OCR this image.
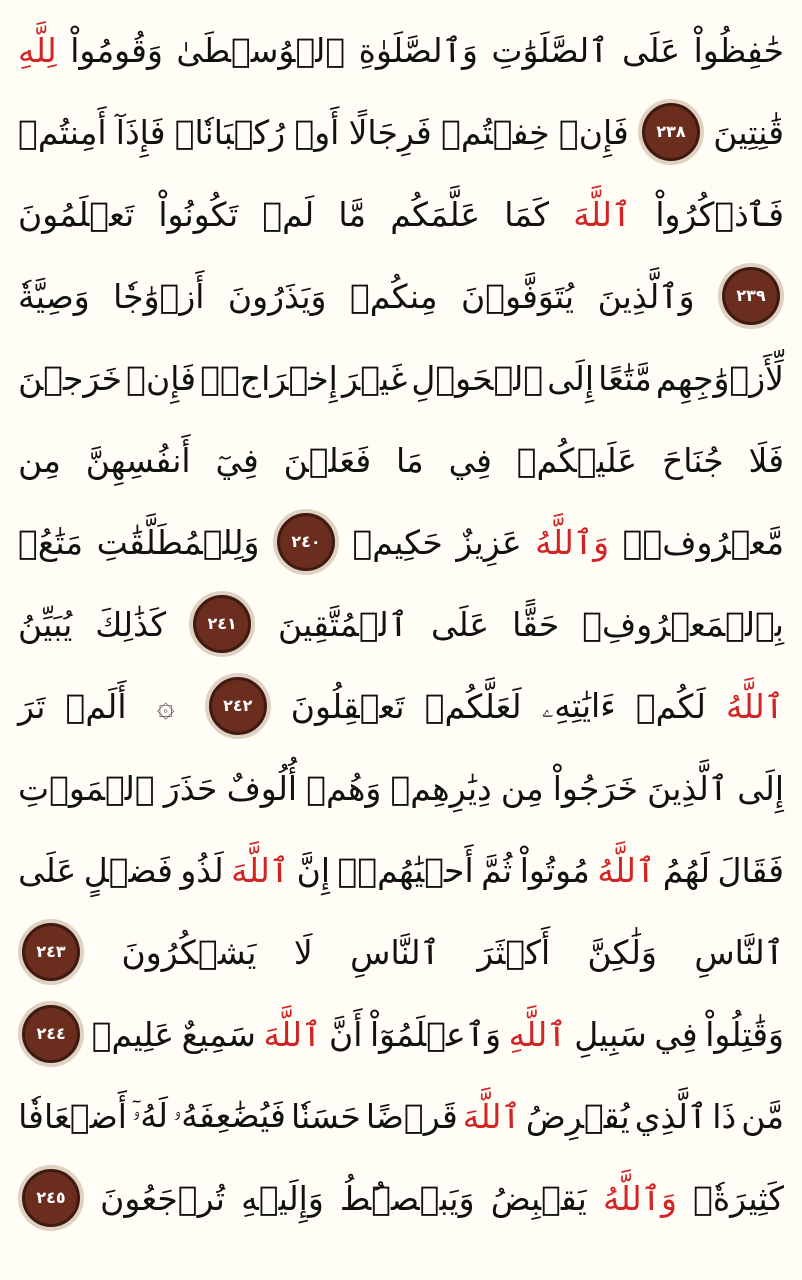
حَٰفِظُواْ
عَلَى
ٱلصَّلَوَٰتِ
وَٱلصَّلَوٰةِ
ٱلۡوُسۡطَىٰ
وَقُومُواْ
لِلَّهِ
قَٰنِتِينَ
٢٣٨
فَإِنۡ
خِفۡتُمۡ
فَرِجَالًا
أَوۡ
رُكۡبَانٗاۖ
فَإِذَآ
أَمِنتُمۡ
فَٱذۡكُرُواْ
ٱللَّهَ
كَمَا
عَلَّمَكُم
مَّا
لَمۡ
تَكُونُواْ
تَعۡلَمُونَ
٢٣٩
وَٱلَّذِينَ
يُتَوَفَّوۡنَ
مِنكُمۡ
وَيَذَرُونَ
أَزۡوَٰجٗا
وَصِيَّةٗ
لِّأَزۡوَٰجِهِم
مَّتَٰعًا
إِلَى
ٱلۡحَوۡلِ
غَيۡرَ
إِخۡرَاجٖۚ
فَإِنۡ
خَرَجۡنَ
فَلَا
جُنَاحَ
عَلَيۡكُمۡ
فِي
مَا
فَعَلۡنَ
فِيٓ
أَنفُسِهِنَّ
مِن
مَّعۡرُوفٖۗ
وَٱللَّهُ
عَزِيزٌ
حَكِيمٞ
٢٤٠
وَلِلۡمُطَلَّقَٰتِ
مَتَٰعُۢ
بِٱلۡمَعۡرُوفِۖ
حَقًّا
عَلَى
ٱلۡمُتَّقِينَ
٢٤١
كَذَٰلِكَ
يُبَيِّنُ
ٱللَّهُ
لَكُمۡ
ءَايَٰتِهِۦ
لَعَلَّكُمۡ
تَعۡقِلُونَ
٢٤٢
۞
أَلَمۡ
تَرَ
إِلَى
ٱلَّذِينَ
خَرَجُواْ
مِن
دِيَٰرِهِمۡ
وَهُمۡ
أُلُوفٌ
حَذَرَ
ٱلۡمَوۡتِ
فَقَالَ
لَهُمُ
ٱللَّهُ
مُوتُواْ
ثُمَّ
أَحۡيَٰهُمۡۚ
إِنَّ
ٱللَّهَ
لَذُو
فَضۡلٍ
عَلَى
ٱلنَّاسِ
وَلَٰكِنَّ
أَكۡثَرَ
ٱلنَّاسِ
لَا
يَشۡكُرُونَ
٢٤٣
وَقَٰتِلُواْ
فِي
سَبِيلِ
ٱللَّهِ
وَٱعۡلَمُوٓاْ
أَنَّ
ٱللَّهَ
سَمِيعٌ
عَلِيمٞ
٢٤٤
مَّن
ذَا
ٱلَّذِي
يُقۡرِضُ
ٱللَّهَ
قَرۡضًا
حَسَنٗا
فَيُضَٰعِفَهُۥ
لَهُۥٓ
أَضۡعَافٗا
كَثِيرَةٗۚ
وَٱللَّهُ
يَقۡبِضُ
وَيَبۡصُۜطُ
وَإِلَيۡهِ
تُرۡجَعُونَ
٢٤٥
